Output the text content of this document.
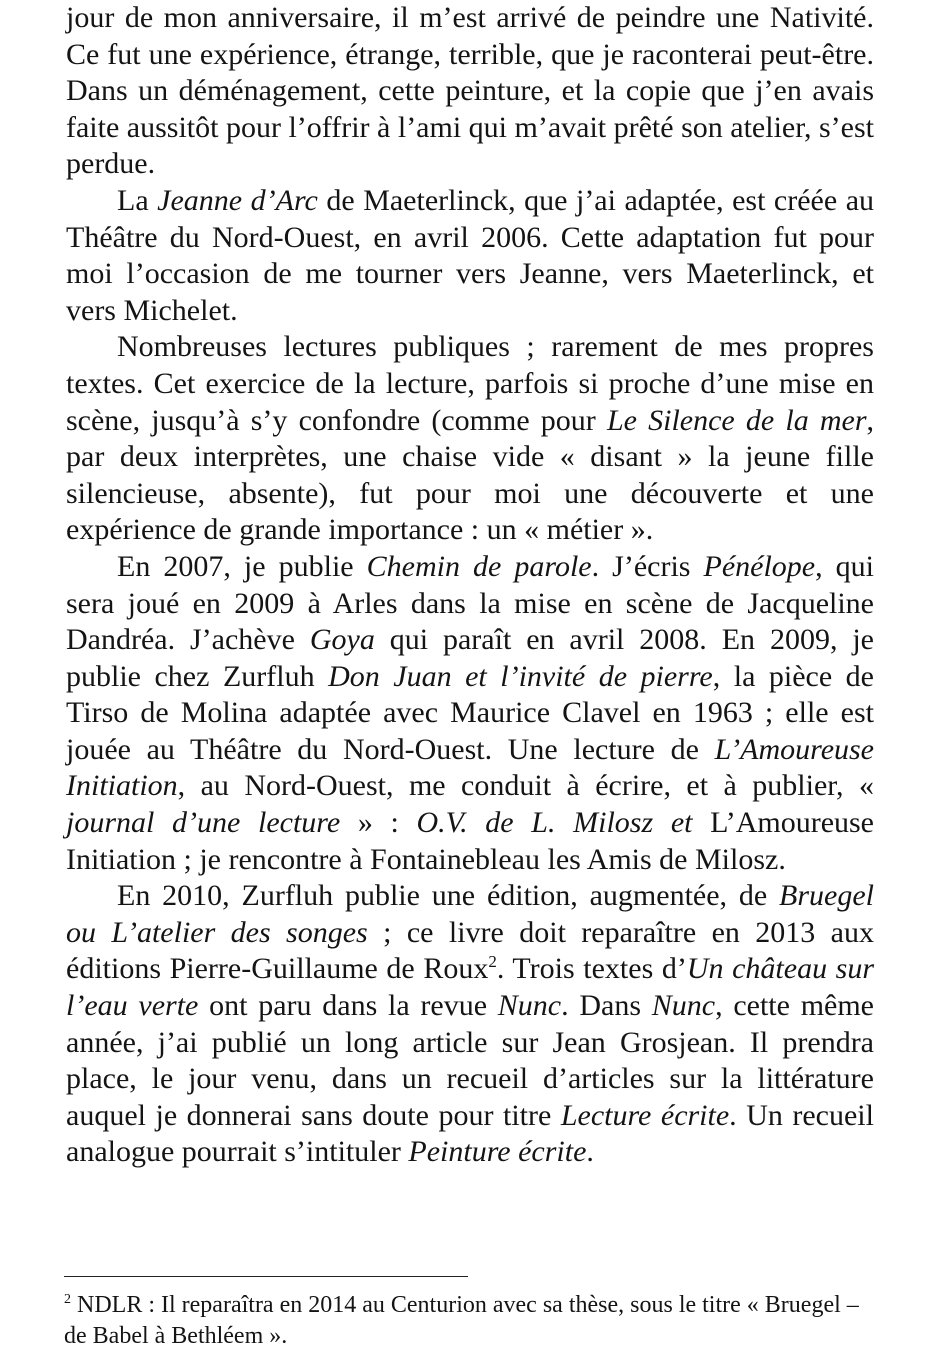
jour de mon anniversaire, il m’est arrivé de peindre une Nativité. Ce fut une expérience, étrange, terrible, que je raconterai peut-être. Dans un déménagement, cette peinture, et la copie que j’en avais faite aussitôt pour l’offrir à l’ami qui m’avait prêté son atelier, s’est perdue.

La Jeanne d’Arc de Maeterlinck, que j’ai adaptée, est créée au Théâtre du Nord-Ouest, en avril 2006. Cette adaptation fut pour moi l’occasion de me tourner vers Jeanne, vers Maeterlinck, et vers Michelet.

Nombreuses lectures publiques ; rarement de mes propres textes. Cet exercice de la lecture, parfois si proche d’une mise en scène, jusqu’à s’y confondre (comme pour Le Silence de la mer, par deux interprètes, une chaise vide « disant » la jeune fille silencieuse, absente), fut pour moi une découverte et une expérience de grande importance : un « métier ».

En 2007, je publie Chemin de parole. J’écris Pénélope, qui sera joué en 2009 à Arles dans la mise en scène de Jacqueline Dandréa. J’achève Goya qui paraît en avril 2008. En 2009, je publie chez Zurfluh Don Juan et l’invité de pierre, la pièce de Tirso de Molina adaptée avec Maurice Clavel en 1963 ; elle est jouée au Théâtre du Nord-Ouest. Une lecture de L’Amoureuse Initiation, au Nord-Ouest, me conduit à écrire, et à publier, « journal d’une lecture » : O.V. de L. Milosz et L’Amoureuse Initiation ; je rencontre à Fontainebleau les Amis de Milosz.

En 2010, Zurfluh publie une édition, augmentée, de Bruegel ou L’atelier des songes ; ce livre doit reparaître en 2013 aux éditions Pierre-Guillaume de Roux$^2$. Trois textes d’Un château sur l’eau verte ont paru dans la revue Nunc. Dans Nunc, cette même année, j’ai publié un long article sur Jean Grosjean. Il prendra place, le jour venu, dans un recueil d’articles sur la littérature auquel je donnerai sans doute pour titre Lecture écrite. Un recueil analogue pourrait s’intituler Peinture écrite.

$^2$ NDLR : Il reparaîtra en 2014 au Centurion avec sa thèse, sous le titre « Bruegel – de Babel à Bethléem ».
